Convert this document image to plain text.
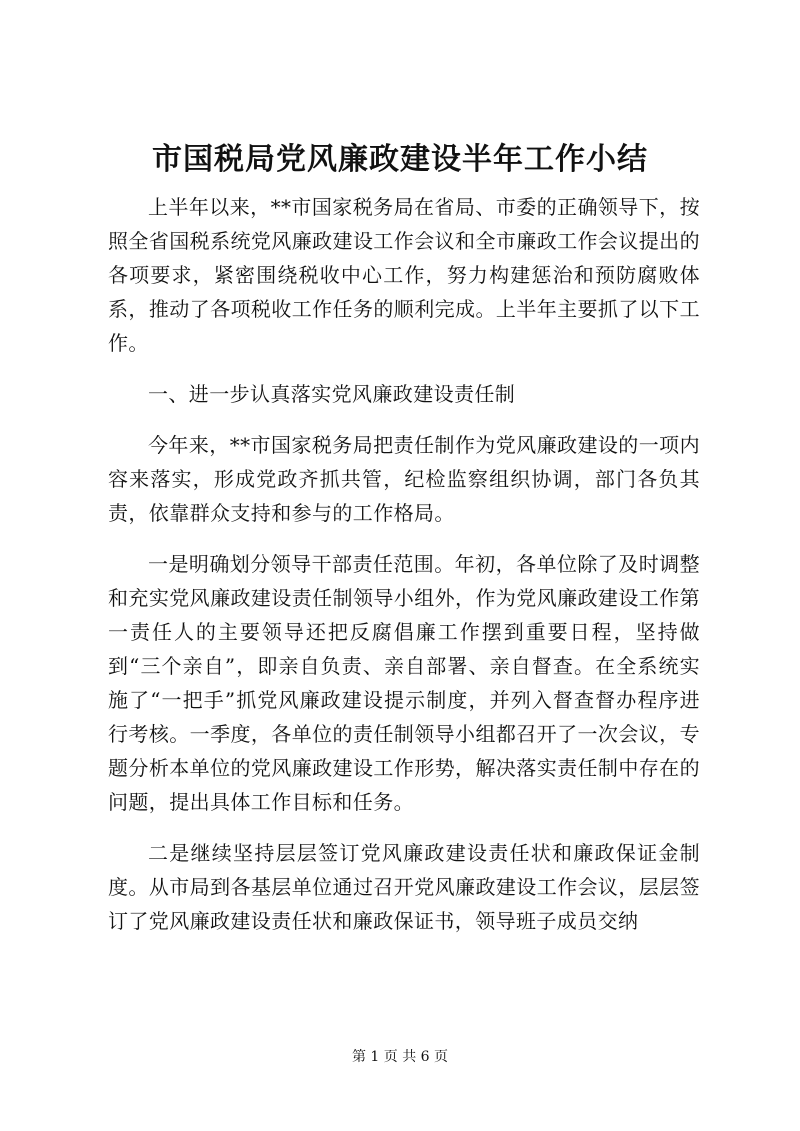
市国税局党风廉政建设半年工作小结

上半年以来，**市国家税务局在省局、市委的正确领导下，按照全省国税系统党风廉政建设工作会议和全市廉政工作会议提出的各项要求，紧密围绕税收中心工作，努力构建惩治和预防腐败体系，推动了各项税收工作任务的顺利完成。上半年主要抓了以下工作。

一、进一步认真落实党风廉政建设责任制

今年来，**市国家税务局把责任制作为党风廉政建设的一项内容来落实，形成党政齐抓共管，纪检监察组织协调，部门各负其责，依靠群众支持和参与的工作格局。

一是明确划分领导干部责任范围。年初，各单位除了及时调整和充实党风廉政建设责任制领导小组外，作为党风廉政建设工作第一责任人的主要领导还把反腐倡廉工作摆到重要日程，坚持做到“三个亲自”，即亲自负责、亲自部署、亲自督查。在全系统实施了“一把手”抓党风廉政建设提示制度，并列入督查督办程序进行考核。一季度，各单位的责任制领导小组都召开了一次会议，专题分析本单位的党风廉政建设工作形势，解决落实责任制中存在的问题，提出具体工作目标和任务。

二是继续坚持层层签订党风廉政建设责任状和廉政保证金制度。从市局到各基层单位通过召开党风廉政建设工作会议，层层签订了党风廉政建设责任状和廉政保证书，领导班子成员交纳

第 1 页 共 6 页
